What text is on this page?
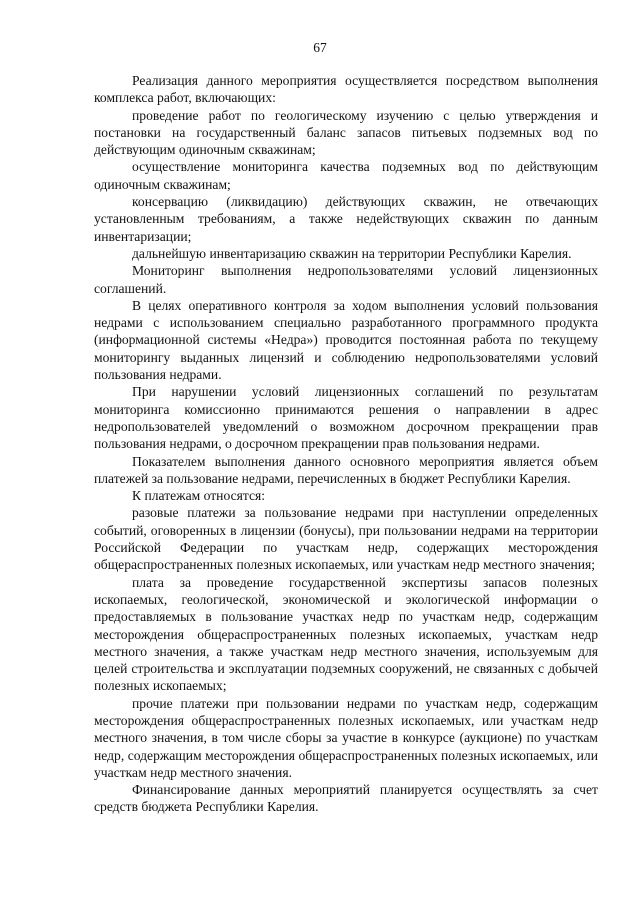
67

Реализация данного мероприятия осуществляется посредством выполнения комплекса работ, включающих:

проведение работ по геологическому изучению с целью утверждения и постановки на государственный баланс запасов питьевых подземных вод по действующим одиночным скважинам;

осуществление мониторинга качества подземных вод по действующим одиночным скважинам;

консервацию (ликвидацию) действующих скважин, не отвечающих установленным требованиям, а также недействующих скважин по данным инвентаризации;

дальнейшую инвентаризацию скважин на территории Республики Карелия.

Мониторинг выполнения недропользователями условий лицензионных соглашений.

В целях оперативного контроля за ходом выполнения условий пользования недрами с использованием специально разработанного программного продукта (информационной системы «Недра») проводится постоянная работа по текущему мониторингу выданных лицензий и соблюдению недропользователями условий пользования недрами.

При нарушении условий лицензионных соглашений по результатам мониторинга комиссионно принимаются решения о направлении в адрес недропользователей уведомлений о возможном досрочном прекращении прав пользования недрами, о досрочном прекращении прав пользования недрами.

Показателем выполнения данного основного мероприятия является объем платежей за пользование недрами, перечисленных в бюджет Республики Карелия.

К платежам относятся:

разовые платежи за пользование недрами при наступлении определенных событий, оговоренных в лицензии (бонусы), при пользовании недрами на территории Российской Федерации по участкам недр, содержащих месторождения общераспространенных полезных ископаемых, или участкам недр местного значения;

плата за проведение государственной экспертизы запасов полезных ископаемых, геологической, экономической и экологической информации о предоставляемых в пользование участках недр по участкам недр, содержащим месторождения общераспространенных полезных ископаемых, участкам недр местного значения, а также участкам недр местного значения, используемым для целей строительства и эксплуатации подземных сооружений, не связанных с добычей полезных ископаемых;

прочие платежи при пользовании недрами по участкам недр, содержащим месторождения общераспространенных полезных ископаемых, или участкам недр местного значения, в том числе сборы за участие в конкурсе (аукционе) по участкам недр, содержащим месторождения общераспространенных полезных ископаемых, или участкам недр местного значения.

Финансирование данных мероприятий планируется осуществлять за счет средств бюджета Республики Карелия.
